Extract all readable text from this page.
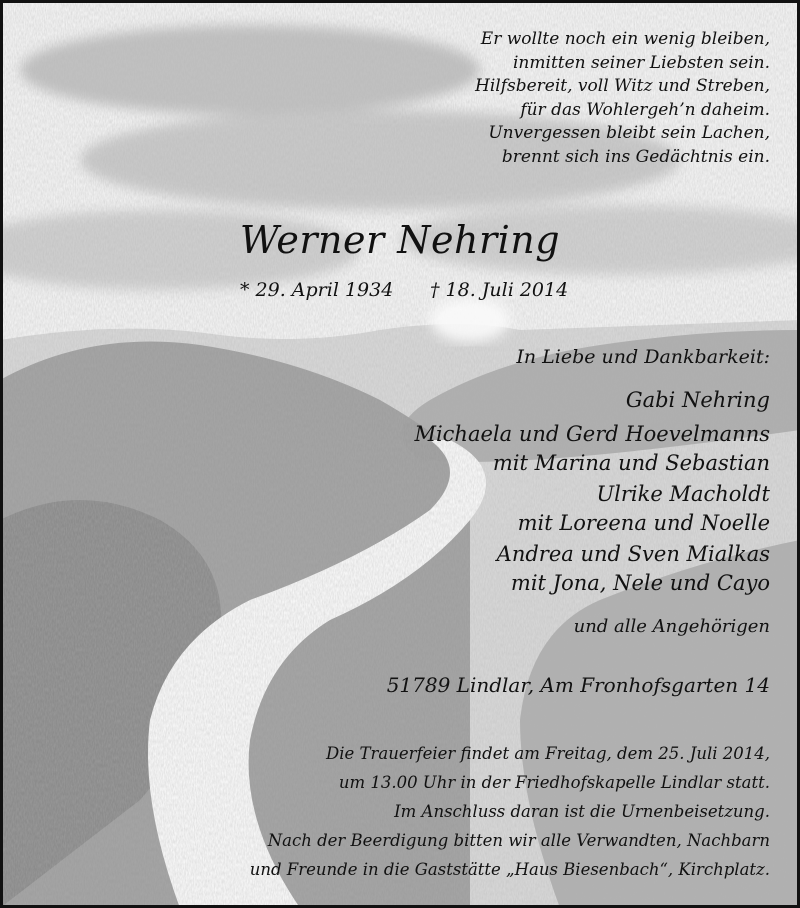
Er wollte noch ein wenig bleiben,
inmitten seiner Liebsten sein.
Hilfsbereit, voll Witz und Streben,
für das Wohlergeh’n daheim.
Unvergessen bleibt sein Lachen,
brennt sich ins Gedächtnis ein.
Werner Nehring
* 29. April 1934 † 18. Juli 2014
In Liebe und Dankbarkeit:
Gabi Nehring
Michaela und Gerd Hoevelmanns
mit Marina und Sebastian
Ulrike Macholdt
mit Loreena und Noelle
Andrea und Sven Mialkas
mit Jona, Nele und Cayo
und alle Angehörigen
51789 Lindlar, Am Fronhofsgarten 14
Die Trauerfeier findet am Freitag, dem 25. Juli 2014,
um 13.00 Uhr in der Friedhofskapelle Lindlar statt.
Im Anschluss daran ist die Urnenbeisetzung.
Nach der Beerdigung bitten wir alle Verwandten, Nachbarn
und Freunde in die Gaststätte „Haus Biesenbach“, Kirchplatz.
